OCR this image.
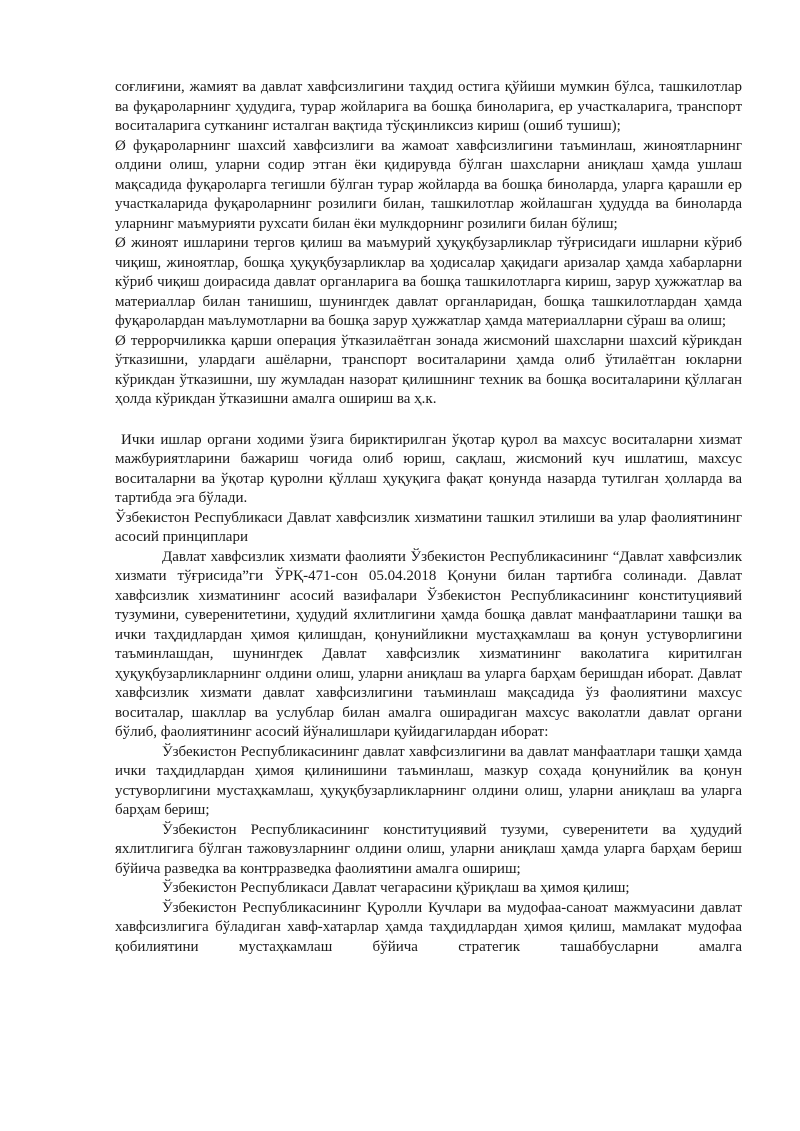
соғлиғини, жамият ва давлат хавфсизлигини таҳдид остига қўйиши мумкин бўлса, ташкилотлар ва фуқароларнинг ҳудудига, турар жойларига ва бошқа биноларига, ер участкаларига, транспорт воситаларига сутканинг исталган вақтида тўсқинликсиз кириш (ошиб тушиш);

Ø фуқароларнинг шахсий хавфсизлиги ва жамоат хавфсизлигини таъминлаш, жиноятларнинг олдини олиш, уларни содир этган ёки қидирувда бўлган шахсларни аниқлаш ҳамда ушлаш мақсадида фуқароларга тегишли бўлган турар жойларда ва бошқа биноларда, уларга қарашли ер участкаларида фуқароларнинг розилиги билан, ташкилотлар жойлашган ҳудудда ва биноларда уларнинг маъмурияти рухсати билан ёки мулкдорнинг розилиги билан бўлиш;

Ø жиноят ишларини тергов қилиш ва маъмурий ҳуқуқбузарликлар тўғрисидаги ишларни кўриб чиқиш, жиноятлар, бошқа ҳуқуқбузарликлар ва ҳодисалар ҳақидаги аризалар ҳамда хабарларни кўриб чиқиш доирасида давлат органларига ва бошқа ташкилотларга кириш, зарур ҳужжатлар ва материаллар билан танишиш, шунингдек давлат органларидан, бошқа ташкилотлардан ҳамда фуқаролардан маълумотларни ва бошқа зарур ҳужжатлар ҳамда материалларни сўраш ва олиш;

Ø террорчиликка қарши операция ўтказилаётган зонада жисмоний шахсларни шахсий кўрикдан ўтказишни, улардаги ашёларни, транспорт воситаларини ҳамда олиб ўтилаётган юкларни кўрикдан ўтказишни, шу жумладан назорат қилишнинг техник ва бошқа воситаларини қўллаган ҳолда кўрикдан ўтказишни амалга ошириш ва ҳ.к.

Ички ишлар органи ходими ўзига бириктирилган ўқотар қурол ва махсус воситаларни хизмат мажбуриятларини бажариш чоғида олиб юриш, сақлаш, жисмоний куч ишлатиш, махсус воситаларни ва ўқотар қуролни қўллаш ҳуқуқига фақат қонунда назарда тутилган ҳолларда ва тартибда эга бўлади.

Ўзбекистон Республикаси Давлат хавфсизлик хизматини ташкил этилиши ва улар фаолиятининг асосий принциплари

Давлат хавфсизлик хизмати фаолияти Ўзбекистон Республикасининг “Давлат хавфсизлик хизмати тўғрисида”ги ЎРҚ-471-сон 05.04.2018 Қонуни билан тартибга солинади. Давлат хавфсизлик хизматининг асосий вазифалари Ўзбекистон Республикасининг конституциявий тузумини, суверенитетини, ҳудудий яхлитлигини ҳамда бошқа давлат манфаатларини ташқи ва ички таҳдидлардан ҳимоя қилишдан, қонунийликни мустаҳкамлаш ва қонун устуворлигини таъминлашдан, шунингдек Давлат хавфсизлик хизматининг ваколатига киритилган ҳуқуқбузарликларнинг олдини олиш, уларни аниқлаш ва уларга барҳам беришдан иборат. Давлат хавфсизлик хизмати давлат хавфсизлигини таъминлаш мақсадида ўз фаолиятини махсус воситалар, шакллар ва услублар билан амалга оширадиган махсус ваколатли давлат органи бўлиб, фаолиятининг асосий йўналишлари қуйидагилардан иборат:

Ўзбекистон Республикасининг давлат хавфсизлигини ва давлат манфаатлари ташқи ҳамда ички таҳдидлардан ҳимоя қилинишини таъминлаш, мазкур соҳада қонунийлик ва қонун устуворлигини мустаҳкамлаш, ҳуқуқбузарликларнинг олдини олиш, уларни аниқлаш ва уларга барҳам бериш;

Ўзбекистон Республикасининг конституциявий тузуми, суверенитети ва ҳудудий яхлитлигига бўлган тажовузларнинг олдини олиш, уларни аниқлаш ҳамда уларга барҳам бериш бўйича разведка ва контрразведка фаолиятини амалга ошириш;

Ўзбекистон Республикаси Давлат чегарасини қўриқлаш ва ҳимоя қилиш;

Ўзбекистон Республикасининг Қуролли Кучлари ва мудофаа-саноат мажмуасини давлат хавфсизлигига бўладиган хавф-хатарлар ҳамда таҳдидлардан ҳимоя қилиш, мамлакат мудофаа қобилиятини мустаҳкамлаш бўйича стратегик ташаббусларни амалга
